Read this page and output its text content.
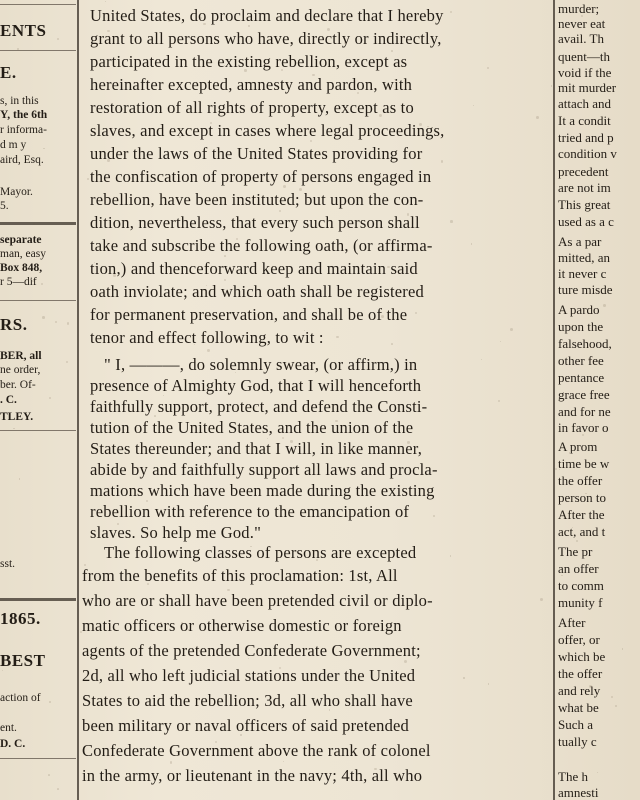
ENTS
E.
s, in this
Y, the 6th
r informa-
d m y
aird, Esq.
Mayor.
5.
separate
man, easy
Box 848,
r 5—dif
RS.
BER, all
ne order,
ber. Of-
. C.
TLEY.
sst.
1865.
BEST
action of
ent.
D. C.
United States, do proclaim and declare that I hereby
grant to all persons who have, directly or indirectly,
participated in the existing rebellion, except as
hereinafter excepted, amnesty and pardon, with
restoration of all rights of property, except as to
slaves, and except in cases where legal proceedings,
under the laws of the United States providing for
the confiscation of property of persons engaged in
rebellion, have been instituted; but upon the con-
dition, nevertheless, that every such person shall
take and subscribe the following oath, (or affirma-
tion,) and thenceforward keep and maintain said
oath inviolate; and which oath shall be registered
for permanent preservation, and shall be of the
tenor and effect following, to wit :
" I, ———, do solemnly swear, (or affirm,) in
presence of Almighty God, that I will henceforth
faithfully support, protect, and defend the Consti-
tution of the United States, and the union of the
States thereunder; and that I will, in like manner,
abide by and faithfully support all laws and procla-
mations which have been made during the existing
rebellion with reference to the emancipation of
slaves. So help me God."
The following classes of persons are excepted
from the benefits of this proclamation: 1st, All
who are or shall have been pretended civil or diplo-
matic officers or otherwise domestic or foreign
agents of the pretended Confederate Government;
2d, all who left judicial stations under the United
States to aid the rebellion; 3d, all who shall have
been military or naval officers of said pretended
Confederate Government above the rank of colonel
in the army, or lieutenant in the navy; 4th, all who
murder;
never eat
avail. Th
quent—th
void if the
mit murder
attach and
It a condit
tried and p
condition v
precedent
are not im
This great
used as a c
As a par
mitted, an
it never c
ture misde
A pardo
upon the
falsehood,
other fee
pentance
grace free
and for ne
in favor o
A prom
time be w
the offer
person to
After the
act, and t
The pr
an offer
to comm
munity f
After
offer, or
which be
the offer
and rely
what be
Such a
tually c
The h
amnesti
